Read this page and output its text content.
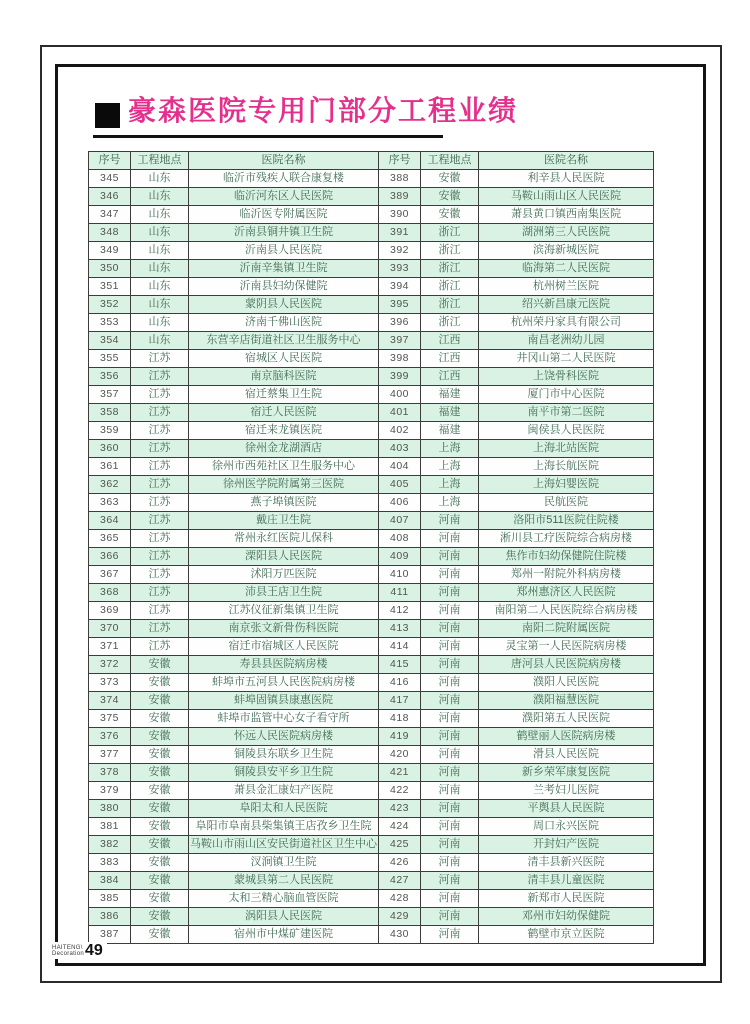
豪森医院专用门部分工程业绩
序号	工程地点	医院名称	序号	工程地点	医院名称
345	山东	临沂市残疾人联合康复楼	388	安徽	利辛县人民医院
346	山东	临沂河东区人民医院	389	安徽	马鞍山雨山区人民医院
347	山东	临沂医专附属医院	390	安徽	萧县黄口镇西南集医院
348	山东	沂南县铜井镇卫生院	391	浙江	湖洲第三人民医院
349	山东	沂南县人民医院	392	浙江	滨海新城医院
350	山东	沂南辛集镇卫生院	393	浙江	临海第二人民医院
351	山东	沂南县妇幼保健院	394	浙江	杭州树兰医院
352	山东	蒙阴县人民医院	395	浙江	绍兴新昌康元医院
353	山东	济南千佛山医院	396	浙江	杭州荣丹家具有限公司
354	山东	东营辛店街道社区卫生服务中心	397	江西	南昌老洲幼儿园
355	江苏	宿城区人民医院	398	江西	井冈山第二人民医院
356	江苏	南京脑科医院	399	江西	上饶骨科医院
357	江苏	宿迁蔡集卫生院	400	福建	厦门市中心医院
358	江苏	宿迁人民医院	401	福建	南平市第二医院
359	江苏	宿迁来龙镇医院	402	福建	闽侯县人民医院
360	江苏	徐州金龙湖酒店	403	上海	上海北站医院
361	江苏	徐州市西苑社区卫生服务中心	404	上海	上海长航医院
362	江苏	徐州医学院附属第三医院	405	上海	上海妇婴医院
363	江苏	燕子埠镇医院	406	上海	民航医院
364	江苏	戴庄卫生院	407	河南	洛阳市511医院住院楼
365	江苏	常州永红医院儿保科	408	河南	淅川县工疗医院综合病房楼
366	江苏	溧阳县人民医院	409	河南	焦作市妇幼保健院住院楼
367	江苏	沭阳万匹医院	410	河南	郑州一附院外科病房楼
368	江苏	沛县王店卫生院	411	河南	郑州惠济区人民医院
369	江苏	江苏仪征新集镇卫生院	412	河南	南阳第二人民医院综合病房楼
370	江苏	南京张文新骨伤科医院	413	河南	南阳二院附属医院
371	江苏	宿迁市宿城区人民医院	414	河南	灵宝第一人民医院病房楼
372	安徽	寿县县医院病房楼	415	河南	唐河县人民医院病房楼
373	安徽	蚌埠市五河县人民医院病房楼	416	河南	濮阳人民医院
374	安徽	蚌埠固镇县康惠医院	417	河南	濮阳福慧医院
375	安徽	蚌埠市监管中心女子看守所	418	河南	濮阳第五人民医院
376	安徽	怀远人民医院病房楼	419	河南	鹤壁丽人医院病房楼
377	安徽	铜陵县东联乡卫生院	420	河南	滑县人民医院
378	安徽	铜陵县安平乡卫生院	421	河南	新乡荣军康复医院
379	安徽	萧县金汇康妇产医院	422	河南	兰考妇儿医院
380	安徽	阜阳太和人民医院	423	河南	平舆县人民医院
381	安徽	阜阳市阜南县柴集镇王店孜乡卫生院	424	河南	周口永兴医院
382	安徽	马鞍山市雨山区安民街道社区卫生中心	425	河南	开封妇产医院
383	安徽	汊涧镇卫生院	426	河南	清丰县新兴医院
384	安徽	蒙城县第二人民医院	427	河南	清丰县儿童医院
385	安徽	太和三精心脑血管医院	428	河南	新郑市人民医院
386	安徽	涡阳县人民医院	429	河南	邓州市妇幼保健院
387	安徽	宿州市中煤矿建医院	430	河南	鹤壁市京立医院
HAITENG\
Decoration 49
